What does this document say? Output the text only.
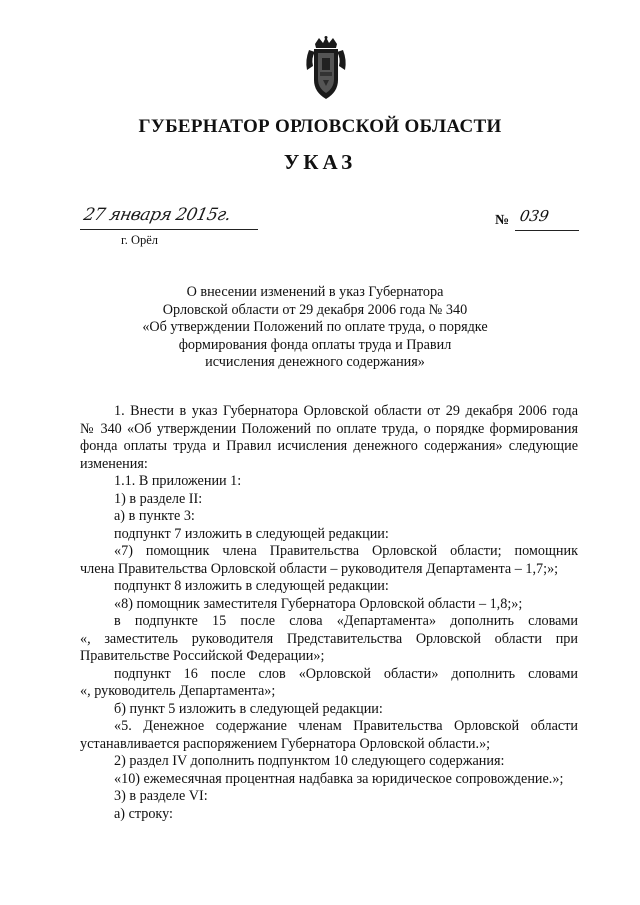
ГУБЕРНАТОР ОРЛОВСКОЙ ОБЛАСТИ
УКАЗ
27 января 2015г.
г. Орёл
№ 039
О внесении изменений в указ Губернатора
Орловской области от 29 декабря 2006 года № 340
«Об утверждении Положений по оплате труда, о порядке
формирования фонда оплаты труда и Правил
исчисления денежного содержания»
1. Внести в указ Губернатора Орловской области от 29 декабря 2006 года
№ 340 «Об утверждении Положений по оплате труда, о порядке формирования
фонда оплаты труда и Правил исчисления денежного содержания» следующие
изменения:
1.1. В приложении 1:
1) в разделе II:
а) в пункте 3:
подпункт 7 изложить в следующей редакции:
«7) помощник члена Правительства Орловской области; помощник
члена Правительства Орловской области – руководителя Департамента – 1,7;»;
подпункт 8 изложить в следующей редакции:
«8) помощник заместителя Губернатора Орловской области – 1,8;»;
в подпункте 15 после слова «Департамента» дополнить словами
«, заместитель руководителя Представительства Орловской области при
Правительстве Российской Федерации»;
подпункт 16 после слов «Орловской области» дополнить словами
«, руководитель Департамента»;
б) пункт 5 изложить в следующей редакции:
«5. Денежное содержание членам Правительства Орловской области
устанавливается распоряжением Губернатора Орловской области.»;
2) раздел IV дополнить подпунктом 10 следующего содержания:
«10) ежемесячная процентная надбавка за юридическое сопровождение.»;
3) в разделе VI:
а) строку:
